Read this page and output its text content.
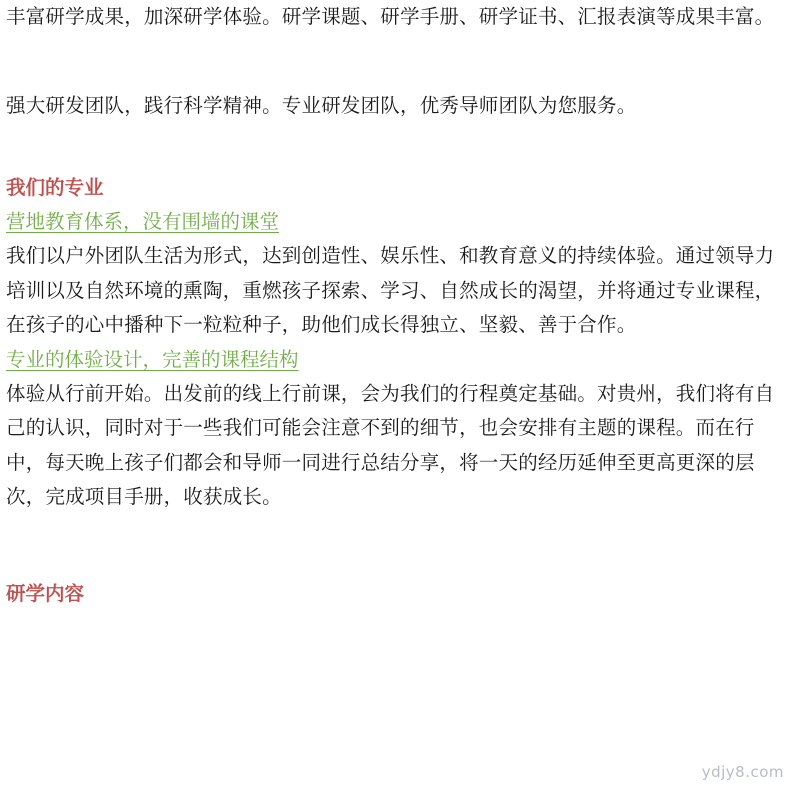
丰富研学成果，加深研学体验。研学课题、研学手册、研学证书、汇报表演等成果丰富。

强大研发团队，践行科学精神。专业研发团队，优秀导师团队为您服务。

我们的专业
营地教育体系，没有围墙的课堂

我们以户外团队生活为形式，达到创造性、娱乐性、和教育意义的持续体验。通过领导力培训以及自然环境的熏陶，重燃孩子探索、学习、自然成长的渴望，并将通过专业课程，在孩子的心中播种下一粒粒种子，助他们成长得独立、坚毅、善于合作。

专业的体验设计，完善的课程结构

体验从行前开始。出发前的线上行前课，会为我们的行程奠定基础。对贵州，我们将有自己的认识，同时对于一些我们可能会注意不到的细节，也会安排有主题的课程。而在行中，每天晚上孩子们都会和导师一同进行总结分享，将一天的经历延伸至更高更深的层次，完成项目手册，收获成长。

研学内容
ydjy8.com
